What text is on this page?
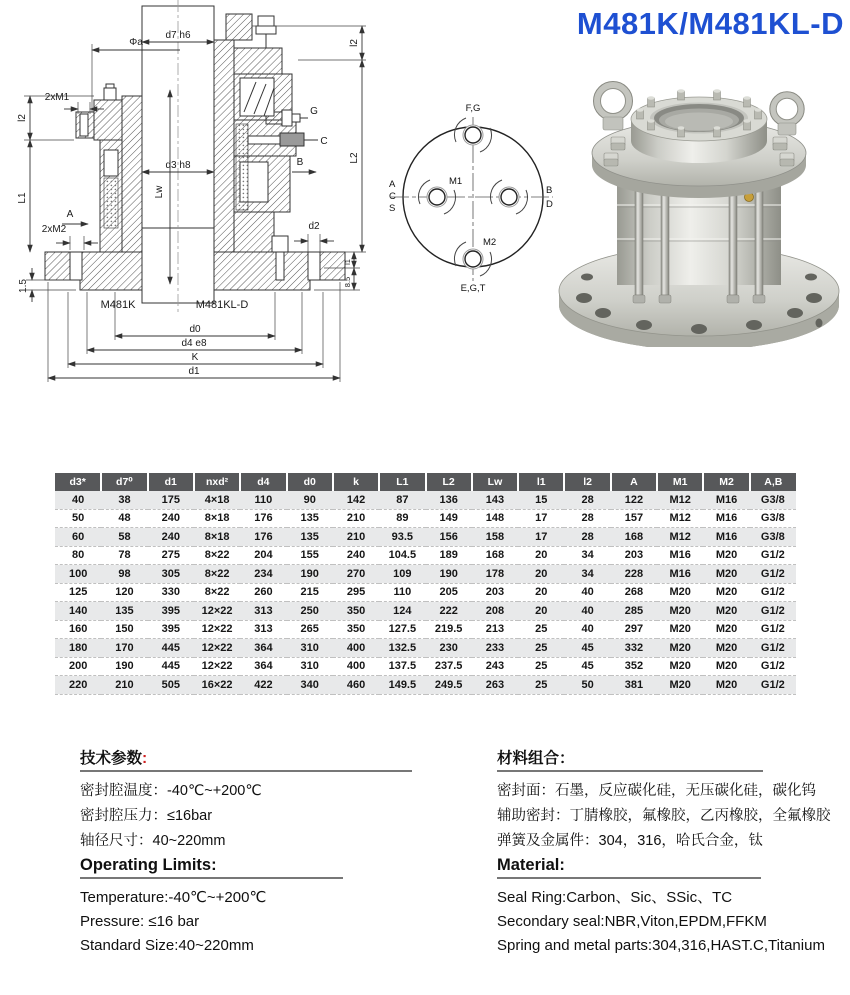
d7 h6
Φa	l2
L2
l2
L1
2xM1
A
2xM2
1.5
d3 h8
Lw
G
C
B
d2
l1
8.5
M481K	M481KL-D
d0
d4 e8
K
d1
F,G
E,G,T
A
C
S
B
D
M1
M2
M481K/M481KL-D
d3*	d7⁰	d1	nxd²	d4	d0	k	L1	L2	Lw	l1	l2	A	M1	M2	A,B
40	38	175	4×18	110	90	142	87	136	143	15	28	122	M12	M16	G3/8
50	48	240	8×18	176	135	210	89	149	148	17	28	157	M12	M16	G3/8
60	58	240	8×18	176	135	210	93.5	156	158	17	28	168	M12	M16	G3/8
80	78	275	8×22	204	155	240	104.5	189	168	20	34	203	M16	M20	G1/2
100	98	305	8×22	234	190	270	109	190	178	20	34	228	M16	M20	G1/2
125	120	330	8×22	260	215	295	110	205	203	20	40	268	M20	M20	G1/2
140	135	395	12×22	313	250	350	124	222	208	20	40	285	M20	M20	G1/2
160	150	395	12×22	313	265	350	127.5	219.5	213	25	40	297	M20	M20	G1/2
180	170	445	12×22	364	310	400	132.5	230	233	25	45	332	M20	M20	G1/2
200	190	445	12×22	364	310	400	137.5	237.5	243	25	45	352	M20	M20	G1/2
220	210	505	16×22	422	340	460	149.5	249.5	263	25	50	381	M20	M20	G1/2
技术参数:
密封腔温度：-40℃~+200℃
密封腔压力：≤16bar
轴径尺寸：40~220mm
材料组合：
密封面：石墨，反应碳化硅，无压碳化硅，碳化钨
辅助密封：丁腈橡胶，氟橡胶，乙丙橡胶，全氟橡胶
弹簧及金属件：304，316，哈氏合金，钛
Operating Limits:
Temperature:-40℃~+200℃
Pressure: ≤16 bar
Standard Size:40~220mm
Material:
Seal Ring:Carbon、Sic、SSic、TC
Secondary seal:NBR,Viton,EPDM,FFKM
Spring and metal parts:304,316,HAST.C,Titanium
